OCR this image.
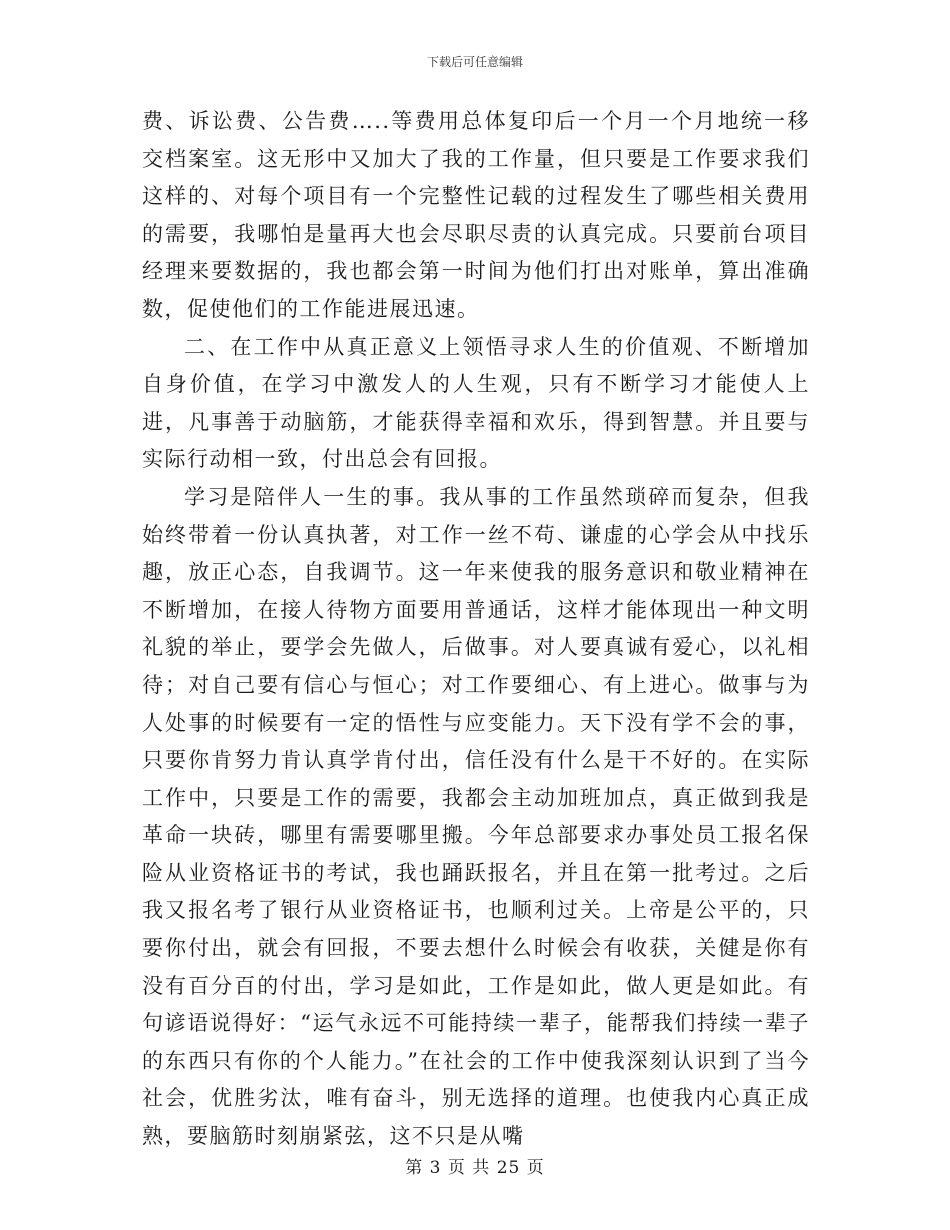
下载后可任意编辑

费、诉讼费、公告费…..等费用总体复印后一个月一个月地统一移交档案室。这无形中又加大了我的工作量，但只要是工作要求我们这样的、对每个项目有一个完整性记载的过程发生了哪些相关费用的需要，我哪怕是量再大也会尽职尽责的认真完成。只要前台项目经理来要数据的，我也都会第一时间为他们打出对账单，算出准确数，促使他们的工作能进展迅速。

二、在工作中从真正意义上领悟寻求人生的价值观、不断增加自身价值，在学习中激发人的人生观，只有不断学习才能使人上进，凡事善于动脑筋，才能获得幸福和欢乐，得到智慧。并且要与实际行动相一致，付出总会有回报。

学习是陪伴人一生的事。我从事的工作虽然琐碎而复杂，但我始终带着一份认真执著，对工作一丝不苟、谦虚的心学会从中找乐趣，放正心态，自我调节。这一年来使我的服务意识和敬业精神在不断增加，在接人待物方面要用普通话，这样才能体现出一种文明礼貌的举止，要学会先做人，后做事。对人要真诚有爱心，以礼相待；对自己要有信心与恒心；对工作要细心、有上进心。做事与为人处事的时候要有一定的悟性与应变能力。天下没有学不会的事，只要你肯努力肯认真学肯付出，信任没有什么是干不好的。在实际工作中，只要是工作的需要，我都会主动加班加点，真正做到我是革命一块砖，哪里有需要哪里搬。今年总部要求办事处员工报名保险从业资格证书的考试，我也踊跃报名，并且在第一批考过。之后我又报名考了银行从业资格证书，也顺利过关。上帝是公平的，只要你付出，就会有回报，不要去想什么时候会有收获，关健是你有没有百分百的付出，学习是如此，工作是如此，做人更是如此。有句谚语说得好：“运气永远不可能持续一辈子，能帮我们持续一辈子的东西只有你的个人能力。”在社会的工作中使我深刻认识到了当今社会，优胜劣汰，唯有奋斗，别无选择的道理。也使我内心真正成熟，要脑筋时刻崩紧弦，这不只是从嘴

第 3 页 共 25 页
